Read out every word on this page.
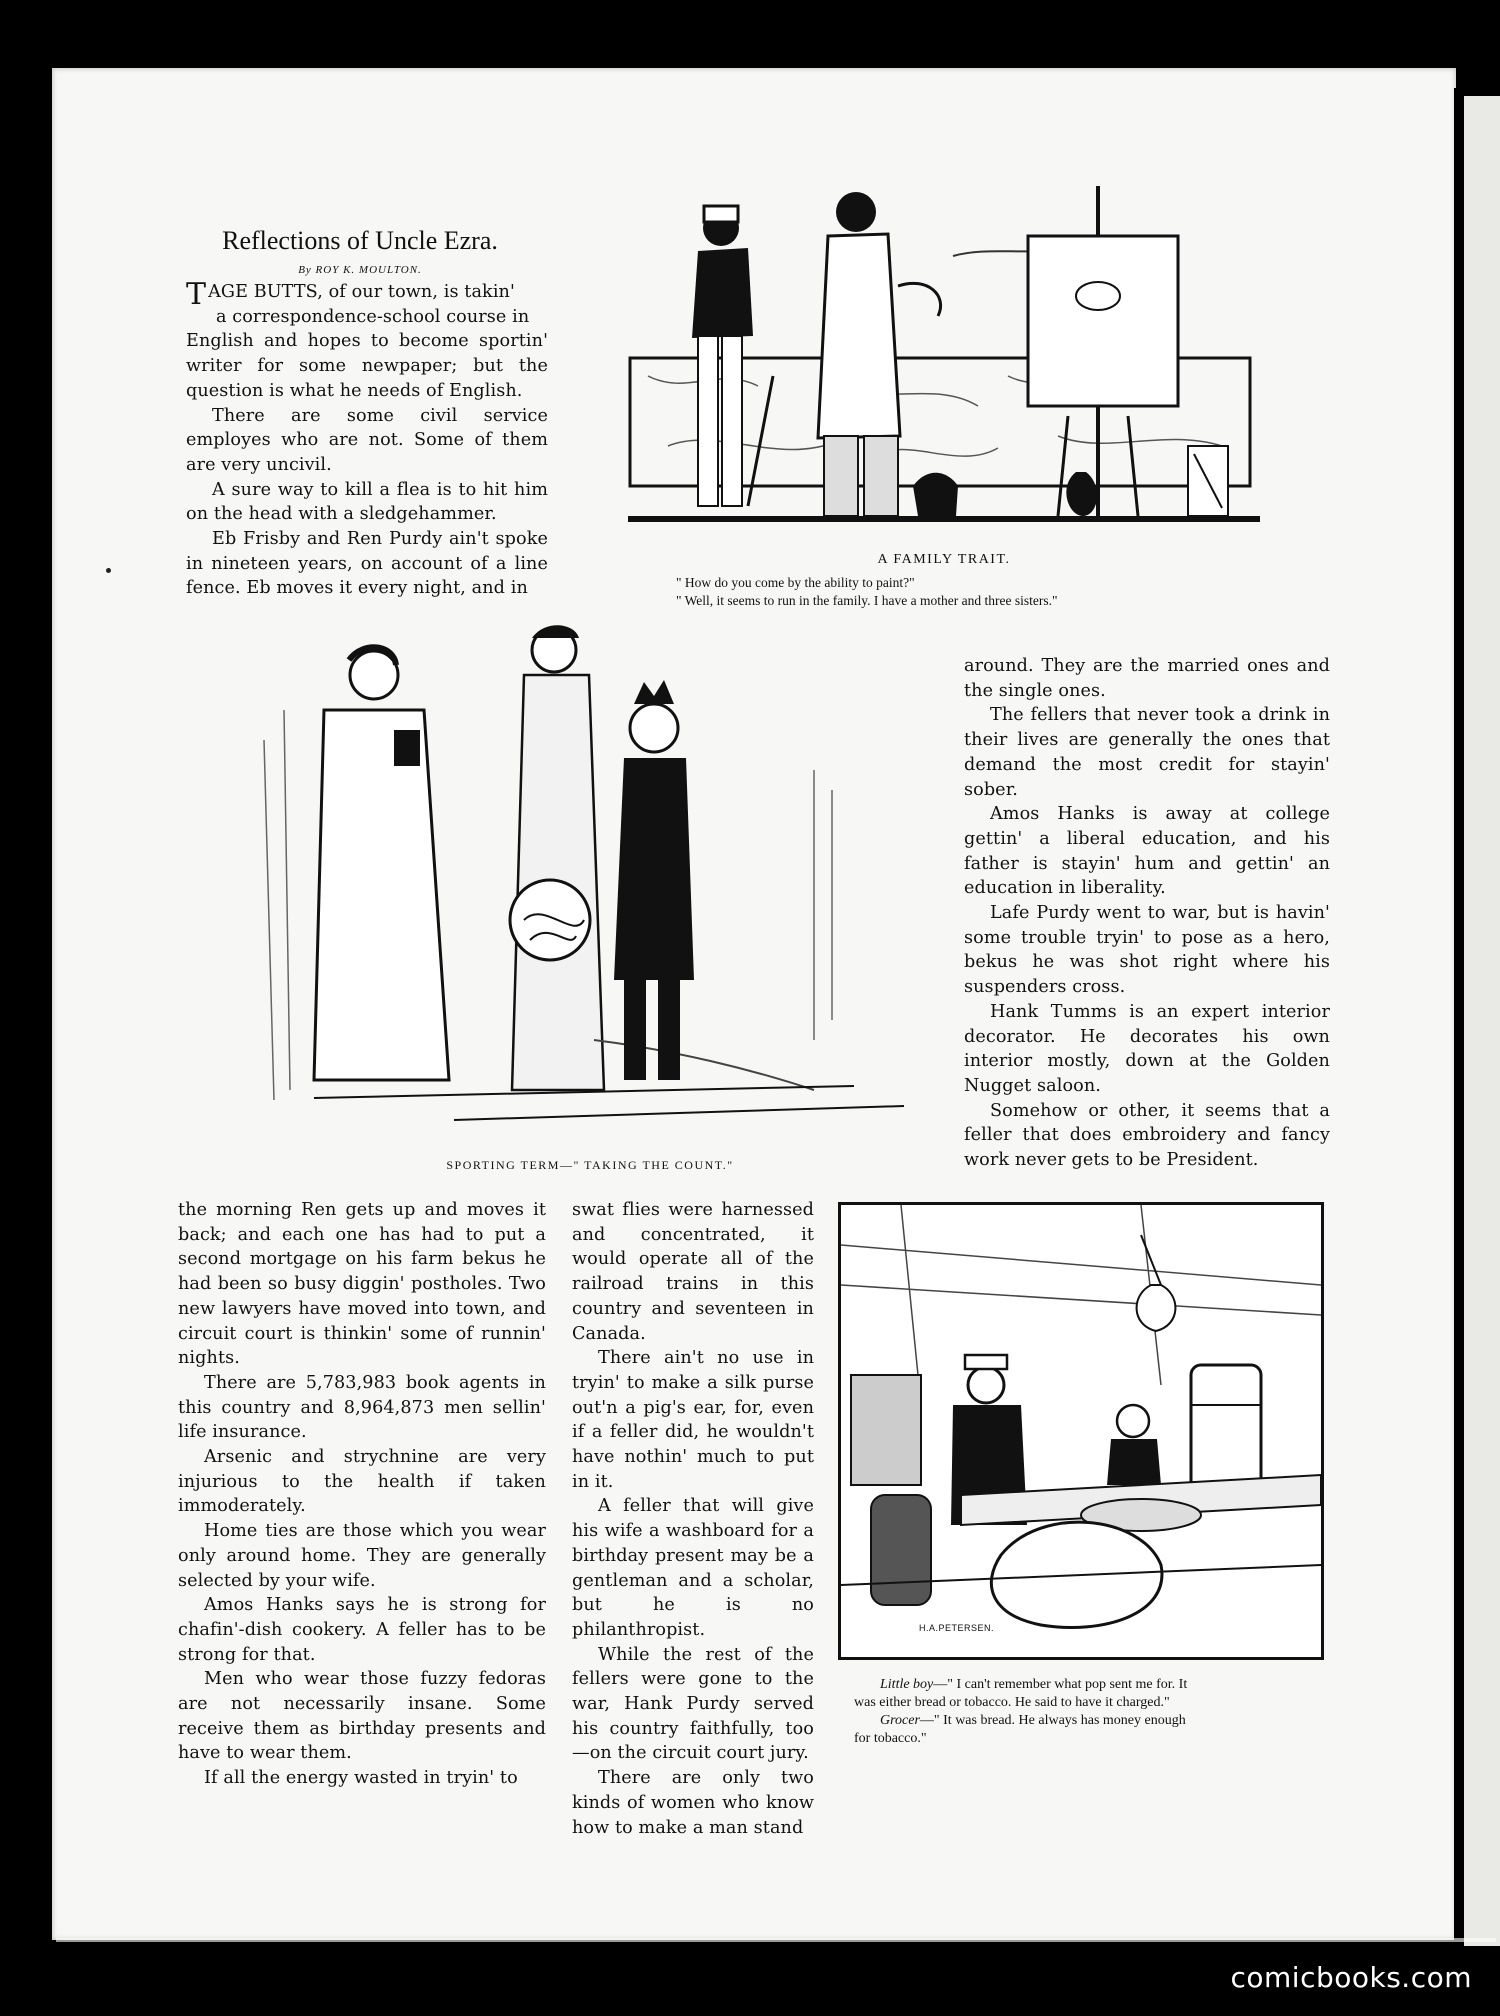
Reflections of Uncle Ezra.
By ROY K. MOULTON.

TAGE BUTTS, of our town, is takin'
a correspondence-school course in

English and hopes to become sportin' writer for some newpaper; but the question is what he needs of English.

There are some civil service employes who are not. Some of them are very uncivil.

A sure way to kill a flea is to hit him on the head with a sledgehammer.

Eb Frisby and Ren Purdy ain't spoke in nineteen years, on account of a line fence. Eb moves it every night, and in

A FAMILY TRAIT.
" How do you come by the ability to paint?"
" Well, it seems to run in the family. I have a mother and three sisters."
SPORTING TERM—" TAKING THE COUNT."

around. They are the married ones and the single ones.

The fellers that never took a drink in their lives are generally the ones that demand the most credit for stayin' sober.

Amos Hanks is away at college gettin' a liberal education, and his father is stayin' hum and gettin' an education in liberality.

Lafe Purdy went to war, but is havin' some trouble tryin' to pose as a hero, bekus he was shot right where his suspenders cross.

Hank Tumms is an expert interior decorator. He decorates his own interior mostly, down at the Golden Nugget saloon.

Somehow or other, it seems that a feller that does embroidery and fancy work never gets to be President.

the morning Ren gets up and moves it back; and each one has had to put a second mortgage on his farm bekus he had been so busy diggin' postholes. Two new lawyers have moved into town, and circuit court is thinkin' some of runnin' nights.

There are 5,783,983 book agents in this country and 8,964,873 men sellin' life insurance.

Arsenic and strychnine are very injurious to the health if taken immoderately.

Home ties are those which you wear only around home. They are generally selected by your wife.

Amos Hanks says he is strong for chafin'-dish cookery. A feller has to be strong for that.

Men who wear those fuzzy fedoras are not necessarily insane. Some receive them as birthday presents and have to wear them.

If all the energy wasted in tryin' to

swat flies were harnessed and concentrated, it would operate all of the railroad trains in this country and seventeen in Canada.

There ain't no use in tryin' to make a silk purse out'n a pig's ear, for, even if a feller did, he wouldn't have nothin' much to put in it.

A feller that will give his wife a washboard for a birthday present may be a gentleman and a scholar, but he is no philanthropist.

While the rest of the fellers were gone to the war, Hank Purdy served his country faithfully, too—on the circuit court jury.

There are only two kinds of women who know how to make a man stand

H.A.PETERSEN.
Little boy—" I can't remember what pop sent me for. It
was either bread or tobacco. He said to have it charged."
Grocer—" It was bread. He always has money enough
for tobacco."
comicbooks.com
